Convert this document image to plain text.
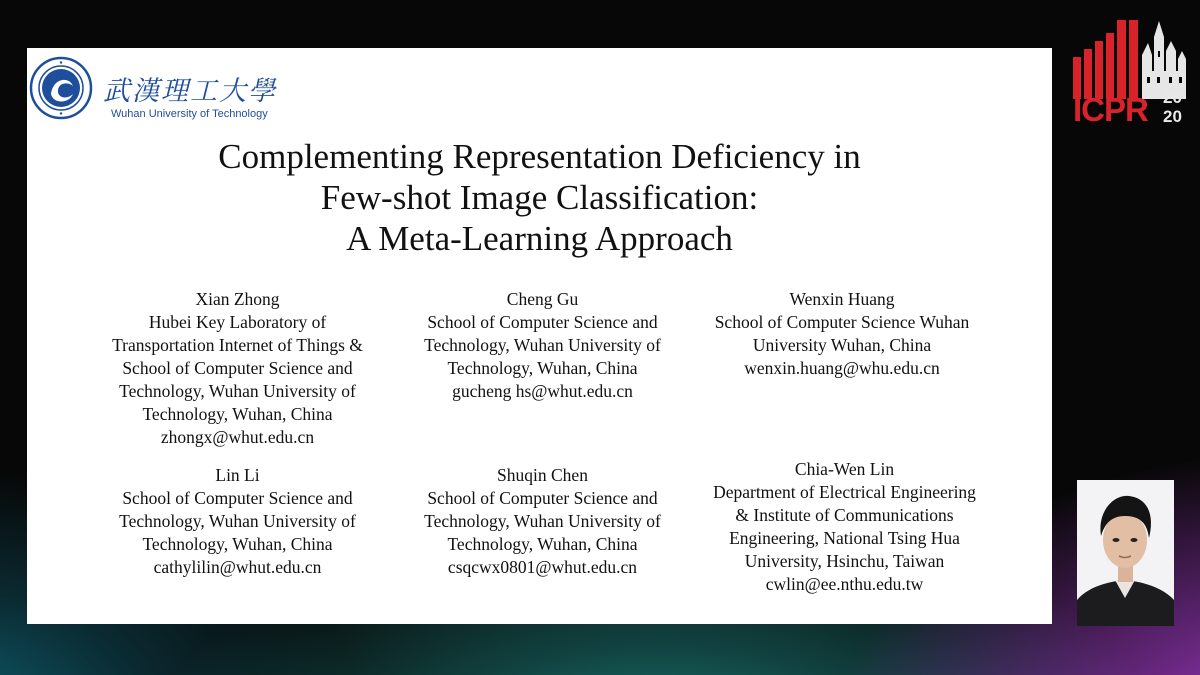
武漢理工大學
Wuhan University of Technology
Complementing Representation Deficiency in
Few-shot Image Classification:
A Meta-Learning Approach
Xian Zhong
Hubei Key Laboratory of
Transportation Internet of Things &
School of Computer Science and
Technology, Wuhan University of
Technology, Wuhan, China
zhongx@whut.edu.cn
Cheng Gu
School of Computer Science and
Technology, Wuhan University of
Technology, Wuhan, China
gucheng hs@whut.edu.cn
Wenxin Huang
School of Computer Science Wuhan
University Wuhan, China
wenxin.huang@whu.edu.cn
Lin Li
School of Computer Science and
Technology, Wuhan University of
Technology, Wuhan, China
cathylilin@whut.edu.cn
Shuqin Chen
School of Computer Science and
Technology, Wuhan University of
Technology, Wuhan, China
csqcwx0801@whut.edu.cn
Chia-Wen Lin
Department of Electrical Engineering
& Institute of Communications
Engineering, National Tsing Hua
University, Hsinchu, Taiwan
cwlin@ee.nthu.edu.tw
ICPR 20
20
